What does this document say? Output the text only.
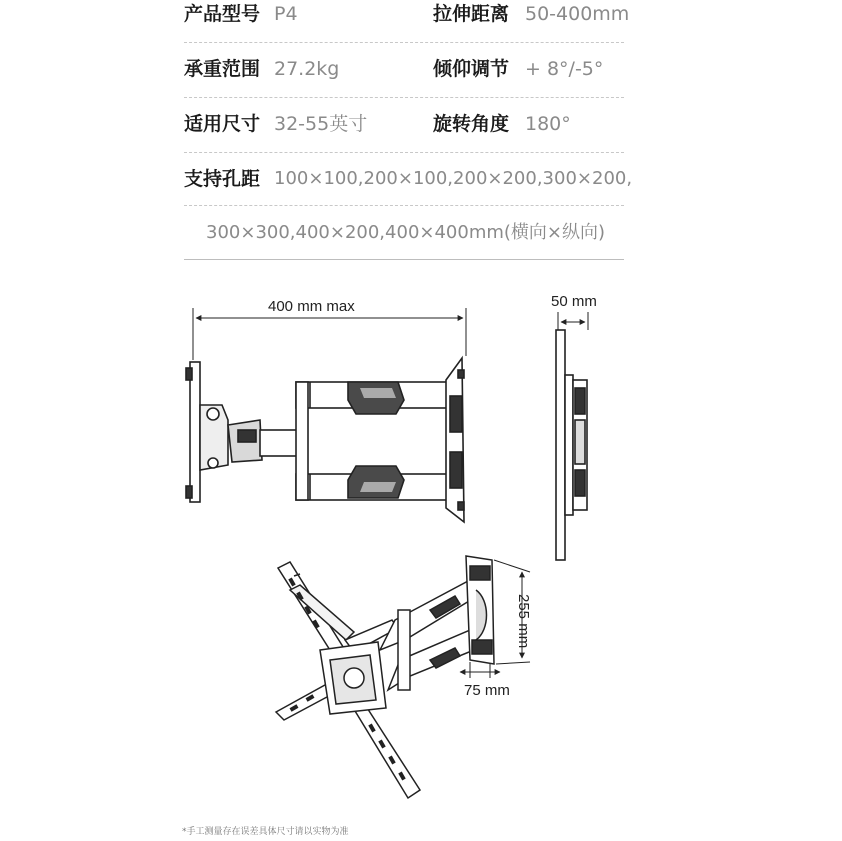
产品型号 P4	拉伸距离 50-400mm
承重范围 27.2kg	倾仰调节 + 8°/-5°
适用尺寸 32-55英寸	旋转角度 180°
支持孔距 100×100,200×100,200×200,300×200,
300×300,400×200,400×400mm(横向×纵向)
400 mm max	50 mm
255 mm
75 mm
*手工测量存在误差具体尺寸请以实物为准
